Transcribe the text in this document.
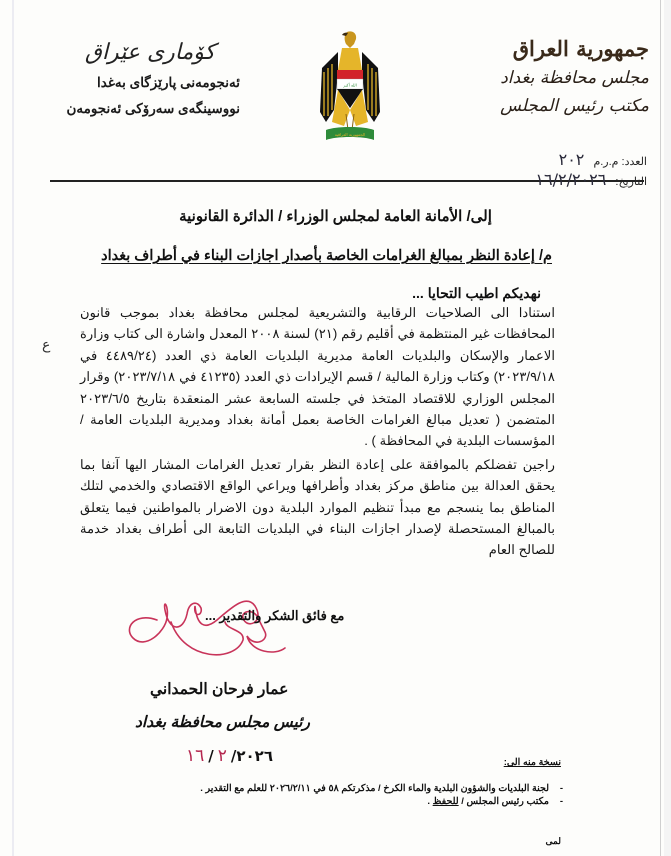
جمهورية العراق
مجلس محافظة بغداد
مكتب رئيس المجلس
الله أكبر
الجمهورية العراقية
کۆماری عێراق
ئەنجومەنی پارێزگای بەغدا
نووسینگەی سەرۆکی ئەنجومەن
العدد: م.ر.م ٢٠٢
التاريخ: ١٦/٢/٢٠٢٦
إلى/ الأمانة العامة لمجلس الوزراء / الدائرة القانونية
م/ إعادة النظر بمبالغ الغرامات الخاصة بأصدار اجازات البناء في أطراف بغداد
نهديكم اطيب التحايا ...

استنادا الى الصلاحيات الرقابية والتشريعية لمجلس محافظة بغداد بموجب قانون المحافظات غير المنتظمة في أقليم رقم (٢١) لسنة ٢٠٠٨ المعدل واشارة الى كتاب وزارة الاعمار والإسكان والبلديات العامة مديرية البلديات العامة ذي العدد (٤٤٨٩/٢٤ في ٢٠٢٣/٩/١٨) وكتاب وزارة المالية / قسم الإيرادات ذي العدد (٤١٢٣٥ في ٢٠٢٣/٧/١٨) وقرار المجلس الوزاري للاقتصاد المتخذ في جلسته السابعة عشر المنعقدة بتاريخ ٢٠٢٣/٦/٥ المتضمن ( تعديل مبالغ الغرامات الخاصة بعمل أمانة بغداد ومديرية البلديات العامة / المؤسسات البلدية في المحافظة ) .

راجين تفضلكم بالموافقة على إعادة النظر بقرار تعديل الغرامات المشار اليها آنفا بما يحقق العدالة بين مناطق مركز بغداد وأطرافها ويراعي الواقع الاقتصادي والخدمي لتلك المناطق بما ينسجم مع مبدأ تنظيم الموارد البلدية دون الاضرار بالمواطنين فيما يتعلق بالمبالغ المستحصلة لإصدار اجازات البناء في البلديات التابعة الى أطراف بغداد خدمة للصالح العام

ع
مع فائق الشكر والتقدير ...
عمار فرحان الحمداني
رئيس مجلس محافظة بغداد
١٦ / ٢ /٢٠٢٦	نسخة منه الى:
- لجنة البلديات والشؤون البلدية والماء الكرخ / مذكرتكم ٥٨ في ٢٠٢٦/٢/١١ للعلم مع التقدير .
- مكتب رئيس المجلس / للحفظ .
لمى
